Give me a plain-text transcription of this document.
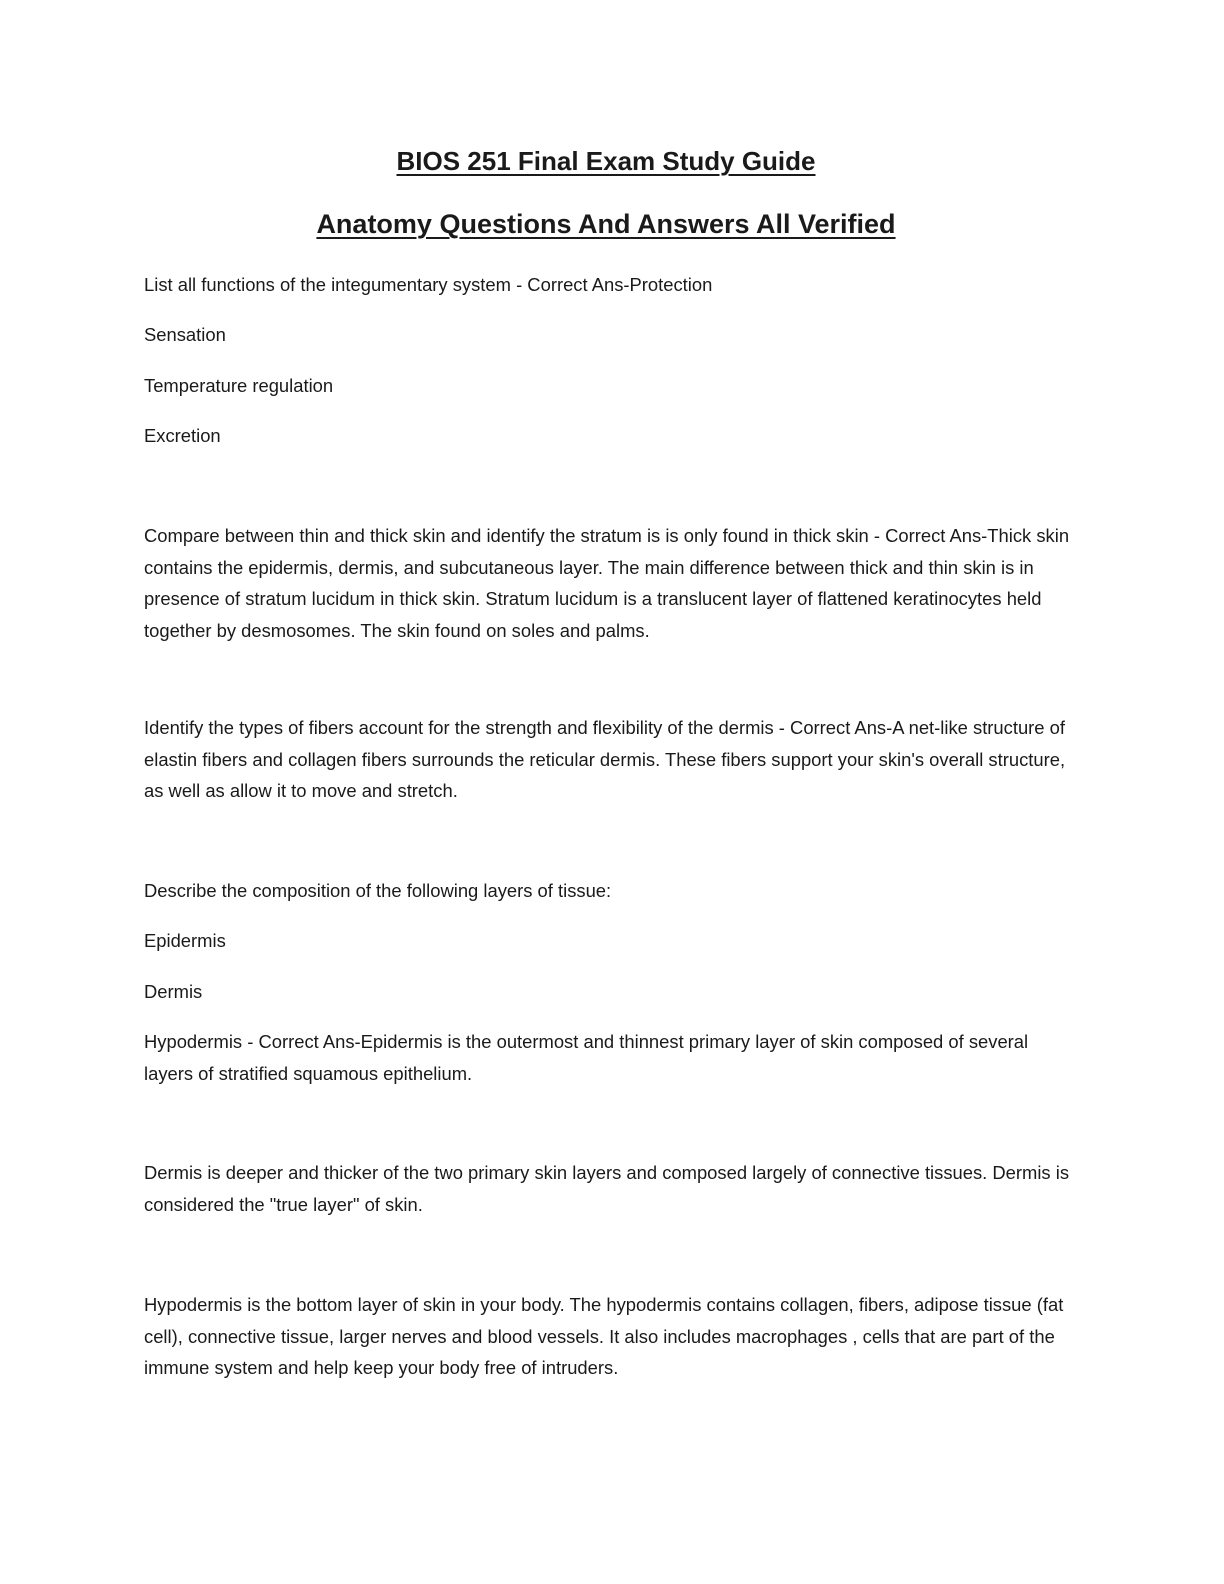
BIOS 251 Final Exam Study Guide
Anatomy Questions And Answers All Verified

List all functions of the integumentary system - Correct Ans-Protection

Sensation

Temperature regulation

Excretion

Compare between thin and thick skin and identify the stratum is is only found in thick skin - Correct Ans-Thick skin contains the epidermis, dermis, and subcutaneous layer. The main difference between thick and thin skin is in presence of stratum lucidum in thick skin. Stratum lucidum is a translucent layer of flattened keratinocytes held together by desmosomes. The skin found on soles and palms.

Identify the types of fibers account for the strength and flexibility of the dermis - Correct Ans-A net-like structure of elastin fibers and collagen fibers surrounds the reticular dermis. These fibers support your skin's overall structure, as well as allow it to move and stretch.

Describe the composition of the following layers of tissue:

Epidermis

Dermis

Hypodermis - Correct Ans-Epidermis is the outermost and thinnest primary layer of skin composed of several layers of stratified squamous epithelium.

Dermis is deeper and thicker of the two primary skin layers and composed largely of connective tissues. Dermis is considered the "true layer" of skin.

Hypodermis is the bottom layer of skin in your body. The hypodermis contains collagen, fibers, adipose tissue (fat cell), connective tissue, larger nerves and blood vessels. It also includes macrophages , cells that are part of the immune system and help keep your body free of intruders.
